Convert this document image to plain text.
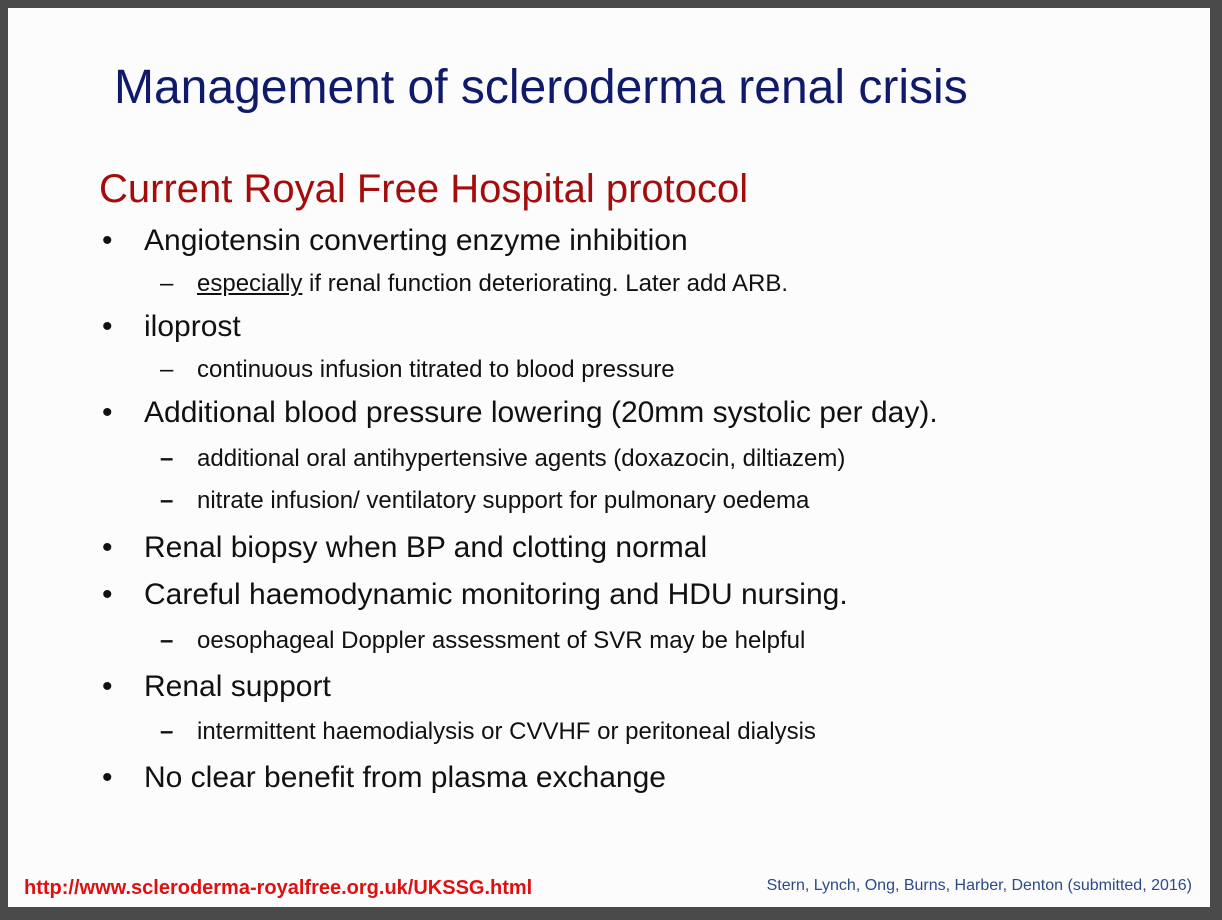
Management of scleroderma renal crisis
Current Royal Free Hospital protocol
• Angiotensin converting enzyme inhibition
– especially if renal function deteriorating. Later add ARB.
• iloprost
– continuous infusion titrated to blood pressure
• Additional blood pressure lowering (20mm systolic per day).
– additional oral antihypertensive agents (doxazocin, diltiazem)
– nitrate infusion/ ventilatory support for pulmonary oedema
• Renal biopsy when BP and clotting normal
• Careful haemodynamic monitoring and HDU nursing.
– oesophageal Doppler assessment of SVR may be helpful
• Renal support
– intermittent haemodialysis or CVVHF or peritoneal dialysis
• No clear benefit from plasma exchange
http://www.scleroderma-royalfree.org.uk/UKSSG.html	Stern, Lynch, Ong, Burns, Harber, Denton (submitted, 2016)
